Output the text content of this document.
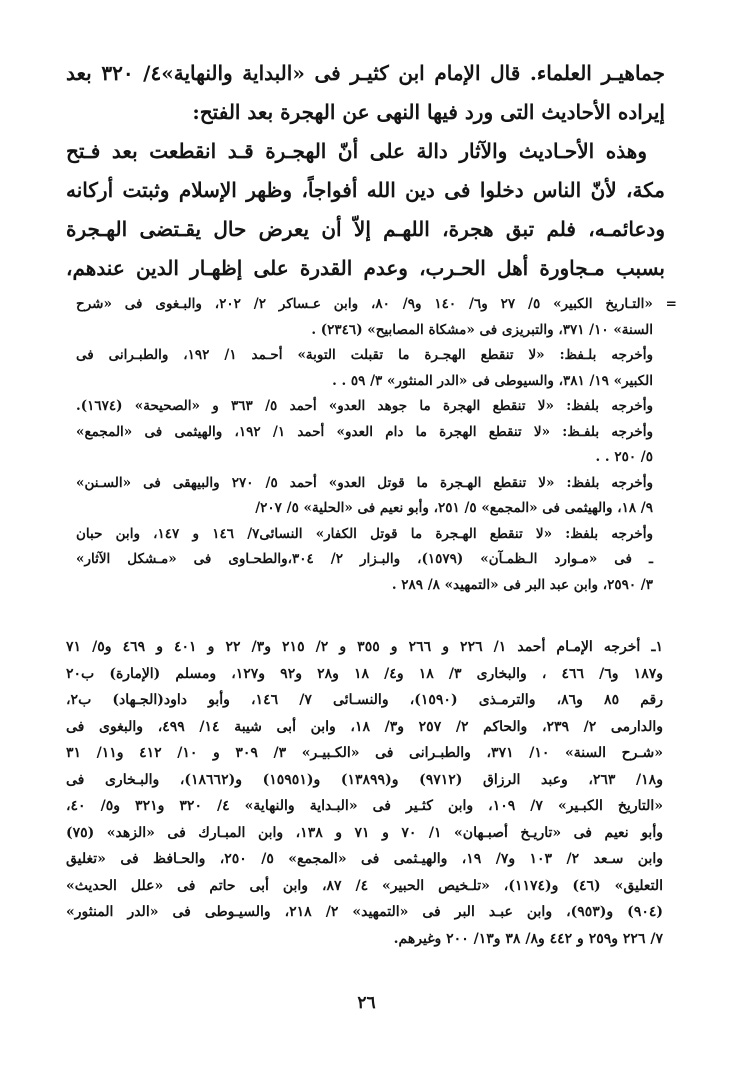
جماهيـر العلماء. قال الإمام ابن كثيـر فى «البداية والنهاية»٤/ ٣٢٠ بعد
إيراده الأحاديث التى ورد فيها النهى عن الهجرة بعد الفتح:
وهذه الأحـاديث والآثار دالة على أنّ الهجـرة قـد انقطعت بعد فـتح
مكة، لأنّ الناس دخلوا فى دين الله أفواجاً، وظهر الإسلام وثبتت أركانه
ودعائمـه، فلم تبق هجرة، اللهـم إلاّ أن يعرض حال يقـتضى الهـجرة
بسبب مـجاورة أهل الحـرب، وعدم القدرة على إظهـار الدين عندهم،
= «التـاريخ الكبير» ٥/ ٢٧ و٦/ ١٤٠ و٩/ ٨٠، وابن عـساكر ٢/ ٢٠٢، والبـغوى فى «شرح
السنة» ١٠/ ٣٧١، والتبريزى فى «مشكاة المصابيح» (٢٣٤٦) .
وأخرجه بلـفظ: «لا تنقطع الهجـرة ما تقبلت التوبة» أحـمد ١/ ١٩٢، والطبـرانى فى
الكبير» ١٩/ ٣٨١، والسيوطى فى «الدر المنثور» ٣/ ٥٩ . .
وأخرجه بلفظ: «لا تنقطع الهجرة ما جوهد العدو» أحمد ٥/ ٣٦٣ و «الصحيحة» (١٦٧٤).
وأخرجه بلفـظ: «لا تنقطع الهجرة ما دام العدو» أحمد ١/ ١٩٢، والهيثمى فى «المجمع»
٥/ ٢٥٠ . .
وأخرجه بلفظ: «لا تنقطع الهـجرة ما قوتل العدو» أحمد ٥/ ٢٧٠ والبيهقى فى «السـنن»
٩/ ١٨، والهيثمى فى «المجمع» ٥/ ٢٥١، وأبو نعيم فى «الحلية» ٥/ ٢٠٧/
وأخرجه بلفظ: «لا تنقطع الهـجرة ما قوتل الكفار» النسائى٧/ ١٤٦ و ١٤٧، وابن حبان
ـ فى «مـوارد الـظمـآن» (١٥٧٩)، والبـزار ٢/ ٣٠٤،والطحـاوى فى «مـشكل الآثار»
٣/ ٢٥٩٠، وابن عبد البر فى «التمهيد» ٨/ ٢٨٩ .
١ـ أخرجه الإمـام أحمد ١/ ٢٢٦ و ٢٦٦ و ٣٥٥ و ٢/ ٢١٥ و٣/ ٢٢ و ٤٠١ و ٤٦٩ و٥/ ٧١
و١٨٧ و٦/ ٤٦٦ ، والبخارى ٣/ ١٨ و٤/ ١٨ و٢٨ و٩٢ و١٢٧، ومسلم (الإمارة) ب٢٠
رقم ٨٥ و٨٦، والترمـذى (١٥٩٠)، والنسـائى ٧/ ١٤٦، وأبو داود(الجـهاد) ب٢،
والدارمى ٢/ ٢٣٩، والحاكم ٢/ ٢٥٧ و٣/ ١٨، وابن أبى شيبة ١٤/ ٤٩٩، والبغوى فى
«شـرح السنة» ١٠/ ٣٧١، والطبـرانى فى «الكـبيـر» ٣/ ٣٠٩ و ١٠/ ٤١٢ و١١/ ٣١
و١٨/ ٢٦٣، وعبد الرزاق (٩٧١٢) و(١٣٨٩٩) و(١٥٩٥١) و(١٨٦٦٢)، والبـخارى فى
«التاريخ الكبـير» ٧/ ١٠٩، وابن كثـير فى «البـداية والنهاية» ٤/ ٣٢٠ و٣٢١ و٥/ ٤٠،
وأبو نعيم فى «تاريـخ أصبـهان» ١/ ٧٠ و ٧١ و ١٣٨، وابن المبـارك فى «الزهد» (٧٥)
وابن سـعد ٢/ ١٠٣ و٧/ ١٩، والهيـثمى فى «المجمع» ٥/ ٢٥٠، والحـافظ فى «تغليق
التعليق» (٤٦) و(١١٧٤)، «تلـخيص الحبير» ٤/ ٨٧، وابن أبى حاتم فى «علل الحديث»
(٩٠٤) و(٩٥٣)، وابن عبـد البر فى «التمهيد» ٢/ ٢١٨، والسيـوطى فى «الدر المنثور»
٧/ ٢٢٦ و٢٥٩ و ٤٤٢ و٨/ ٣٨ و١٣/ ٢٠٠ وغيرهم.
٢٦
